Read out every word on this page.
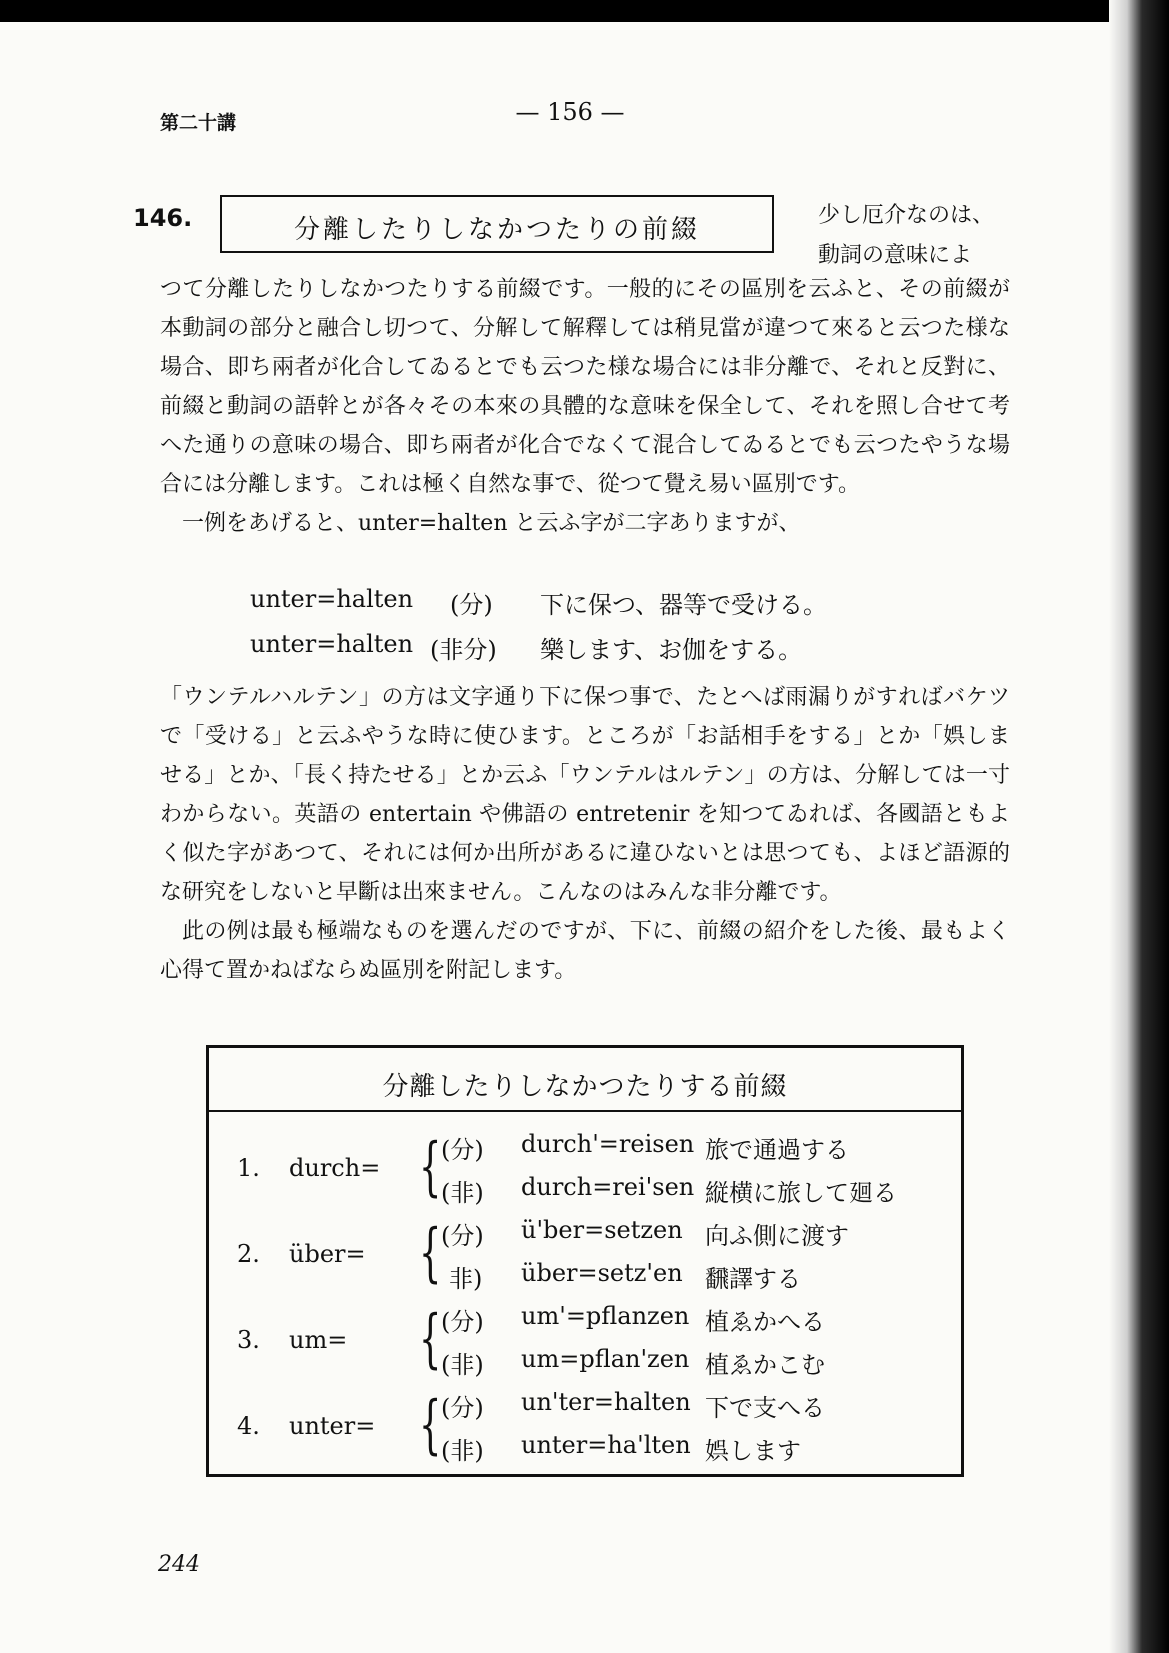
第二十講	— 156 —
146.	分離したりしなかつたりの前綴	少し厄介なのは、
動詞の意味によ

つて分離したりしなかつたりする前綴です。一般的にその區別を云ふと、その前綴が本動詞の部分と融合し切つて、分解して解釋しては稍見當が違つて來ると云つた様な場合、即ち兩者が化合してゐるとでも云つた様な場合には非分離で、それと反對に、前綴と動詞の語幹とが各々その本來の具體的な意味を保全して、それを照し合せて考へた通りの意味の場合、即ち兩者が化合でなくて混合してゐるとでも云つたやうな場合には分離します。これは極く自然な事で、從つて覺え易い區別です。

一例をあげると、unter=halten と云ふ字が二字ありますが、

unter=halten (分) 下に保つ、器等で受ける。
unter=halten (非分) 樂します、お伽をする。

「ウンテルハルテン」の方は文字通り下に保つ事で、たとへば雨漏りがすればバケツで「受ける」と云ふやうな時に使ひます。ところが「お話相手をする」とか「娯しませる」とか、「長く持たせる」とか云ふ「ウンテルはルテン」の方は、分解しては一寸わからない。英語の entertain や佛語の entretenir を知つてゐれば、各國語ともよく似た字があつて、それには何か出所があるに違ひないとは思つても、よほど語源的な研究をしないと早斷は出來ません。こんなのはみんな非分離です。

此の例は最も極端なものを選んだのですが、下に、前綴の紹介をした後、最もよく心得て置かねばならぬ區別を附記します。

分離したりしなかつたりする前綴
1. durch= { (分) durch'=reisen 旅で通過する
(非) durch=rei'sen 縦横に旅して廻る
2. über= { (分) ü'ber=setzen 向ふ側に渡す
非) über=setz'en 飜譯する
3. um= { (分) um'=pflanzen 植ゑかへる
(非) um=pflan'zen 植ゑかこむ
4. unter= { (分) un'ter=halten 下で支へる
(非) unter=ha'lten 娯します
244
